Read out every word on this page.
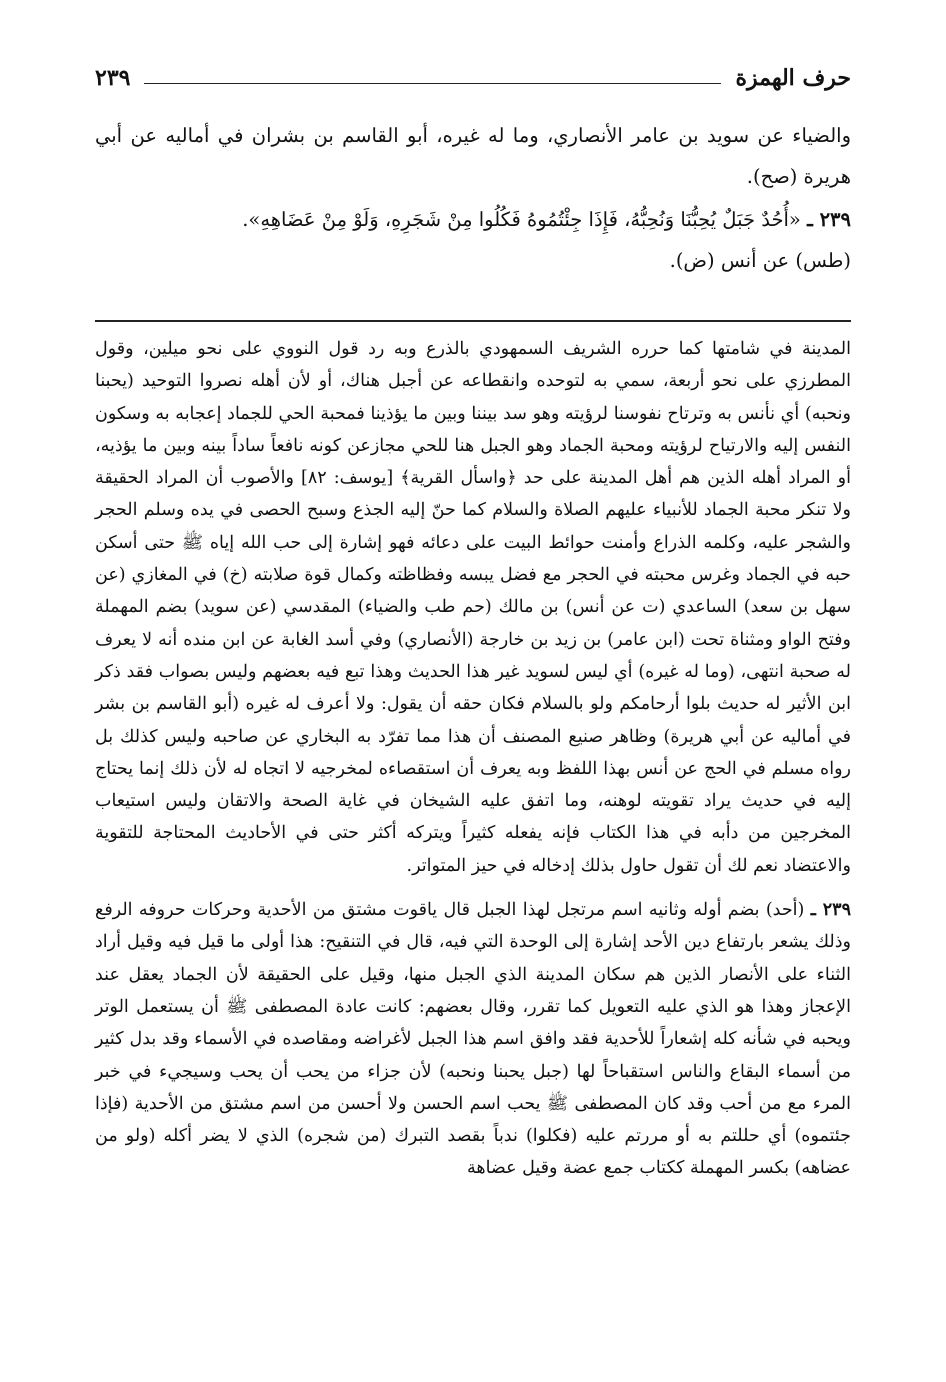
حرف الهمزة
٢٣٩

والضياء عن سويد بن عامر الأنصاري، وما له غيره، أبو القاسم بن بشران في أماليه عن أبي هريرة (صح).

٢٣٩ ـ «أُحُدٌ جَبَلٌ يُحِبُّنَا وَنُحِبُّهُ، فَإِذَا جِئْتُمُوهُ فَكُلُوا مِنْ شَجَرِهِ، وَلَوْ مِنْ عَضَاهِهِ».

(طس) عن أنس (ض).

المدينة في شامتها كما حرره الشريف السمهودي بالذرع وبه رد قول النووي على نحو ميلين، وقول المطرزي على نحو أربعة، سمي به لتوحده وانقطاعه عن أجبل هناك، أو لأن أهله نصروا التوحيد (يحبنا ونحبه) أي نأنس به وترتاح نفوسنا لرؤيته وهو سد بيننا وبين ما يؤذينا فمحبة الحي للجماد إعجابه به وسكون النفس إليه والارتياح لرؤيته ومحبة الجماد وهو الجبل هنا للحي مجازعن كونه نافعاً ساداً بينه وبين ما يؤذيه، أو المراد أهله الذين هم أهل المدينة على حد ﴿واسأل القرية﴾ [يوسف: ٨٢] والأصوب أن المراد الحقيقة ولا تنكر محبة الجماد للأنبياء عليهم الصلاة والسلام كما حنّ إليه الجذع وسبح الحصى في يده وسلم الحجر والشجر عليه، وكلمه الذراع وأمنت حوائط البيت على دعائه فهو إشارة إلى حب الله إياه ﷺ حتى أسكن حبه في الجماد وغرس محبته في الحجر مع فضل يبسه وفظاظته وكمال قوة صلابته (خ) في المغازي (عن سهل بن سعد) الساعدي (ت عن أنس) بن مالك (حم طب والضياء) المقدسي (عن سويد) بضم المهملة وفتح الواو ومثناة تحت (ابن عامر) بن زيد بن خارجة (الأنصاري) وفي أسد الغابة عن ابن منده أنه لا يعرف له صحبة انتهى، (وما له غيره) أي ليس لسويد غير هذا الحديث وهذا تبع فيه بعضهم وليس بصواب فقد ذكر ابن الأثير له حديث بلوا أرحامكم ولو بالسلام فكان حقه أن يقول: ولا أعرف له غيره (أبو القاسم بن بشر في أماليه عن أبي هريرة) وظاهر صنيع المصنف أن هذا مما تفرّد به البخاري عن صاحبه وليس كذلك بل رواه مسلم في الحج عن أنس بهذا اللفظ وبه يعرف أن استقصاءه لمخرجيه لا اتجاه له لأن ذلك إنما يحتاج إليه في حديث يراد تقويته لوهنه، وما اتفق عليه الشيخان في غاية الصحة والاتقان وليس استيعاب المخرجين من دأبه في هذا الكتاب فإنه يفعله كثيراً ويتركه أكثر حتى في الأحاديث المحتاجة للتقوية والاعتضاد نعم لك أن تقول حاول بذلك إدخاله في حيز المتواتر.

٢٣٩ ـ (أحد) بضم أوله وثانيه اسم مرتجل لهذا الجبل قال ياقوت مشتق من الأحدية وحركات حروفه الرفع وذلك يشعر بارتفاع دين الأحد إشارة إلى الوحدة التي فيه، قال في التنقيح: هذا أولى ما قيل فيه وقيل أراد الثناء على الأنصار الذين هم سكان المدينة الذي الجبل منها، وقيل على الحقيقة لأن الجماد يعقل عند الإعجاز وهذا هو الذي عليه التعويل كما تقرر، وقال بعضهم: كانت عادة المصطفى ﷺ أن يستعمل الوتر ويحبه في شأنه كله إشعاراً للأحدية فقد وافق اسم هذا الجبل لأغراضه ومقاصده في الأسماء وقد بدل كثير من أسماء البقاع والناس استقباحاً لها (جبل يحبنا ونحبه) لأن جزاء من يحب أن يحب وسيجيء في خبر المرء مع من أحب وقد كان المصطفى ﷺ يحب اسم الحسن ولا أحسن من اسم مشتق من الأحدية (فإذا جئتموه) أي حللتم به أو مررتم عليه (فكلوا) ندباً بقصد التبرك (من شجره) الذي لا يضر أكله (ولو من عضاهه) بكسر المهملة ككتاب جمع عضة وقيل عضاهة
